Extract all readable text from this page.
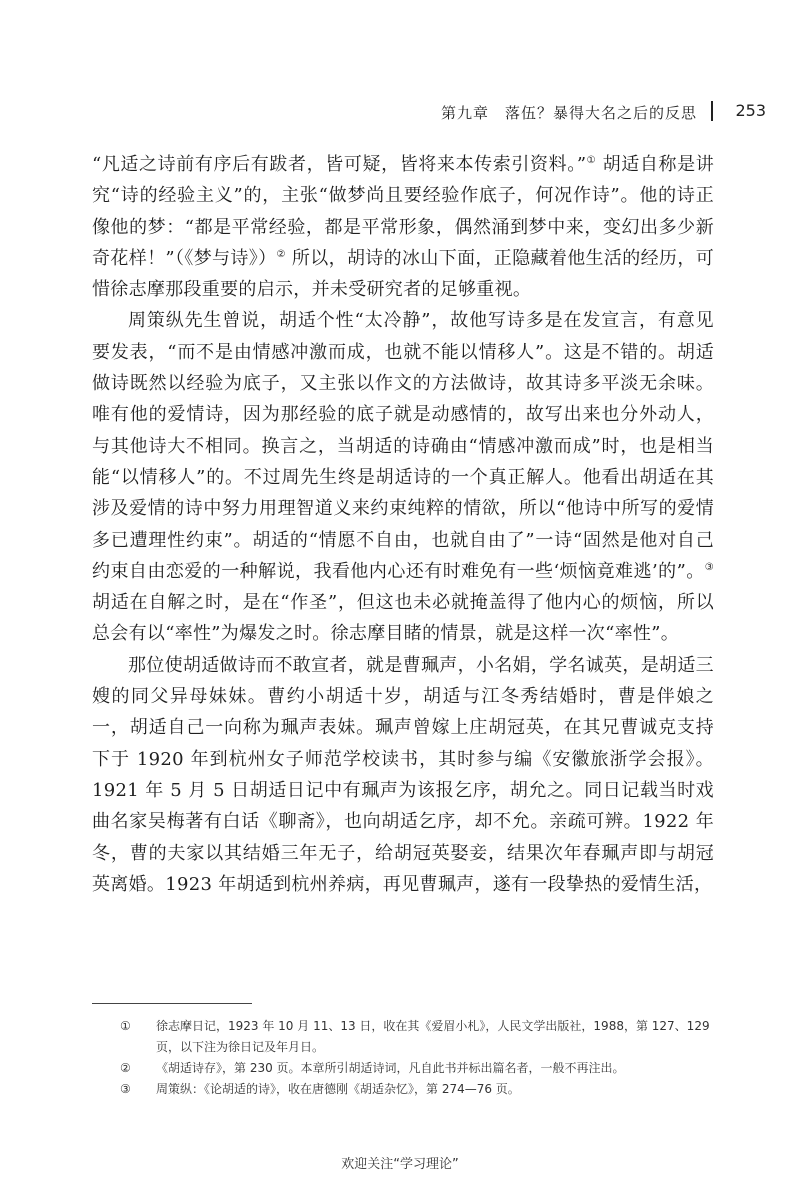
第九章　落伍？暴得大名之后的反思 253

“凡适之诗前有序后有跋者，皆可疑，皆将来本传索引资料。”① 胡适自称是讲究“诗的经验主义”的，主张“做梦尚且要经验作底子，何况作诗”。他的诗正像他的梦：“都是平常经验，都是平常形象，偶然涌到梦中来，变幻出多少新奇花样！”（《梦与诗》）② 所以，胡诗的冰山下面，正隐藏着他生活的经历，可惜徐志摩那段重要的启示，并未受研究者的足够重视。

周策纵先生曾说，胡适个性“太冷静”，故他写诗多是在发宣言，有意见要发表，“而不是由情感冲激而成，也就不能以情移人”。这是不错的。胡适做诗既然以经验为底子，又主张以作文的方法做诗，故其诗多平淡无余味。唯有他的爱情诗，因为那经验的底子就是动感情的，故写出来也分外动人，与其他诗大不相同。换言之，当胡适的诗确由“情感冲激而成”时，也是相当能“以情移人”的。不过周先生终是胡适诗的一个真正解人。他看出胡适在其涉及爱情的诗中努力用理智道义来约束纯粹的情欲，所以“他诗中所写的爱情多已遭理性约束”。胡适的“情愿不自由，也就自由了”一诗“固然是他对自己约束自由恋爱的一种解说，我看他内心还有时难免有一些‘烦恼竟难逃’的”。③ 胡适在自解之时，是在“作圣”，但这也未必就掩盖得了他内心的烦恼，所以总会有以“率性”为爆发之时。徐志摩目睹的情景，就是这样一次“率性”。

那位使胡适做诗而不敢宣者，就是曹珮声，小名娟，学名诚英，是胡适三嫂的同父异母妹妹。曹约小胡适十岁，胡适与江冬秀结婚时，曹是伴娘之一，胡适自己一向称为珮声表妹。珮声曾嫁上庄胡冠英，在其兄曹诚克支持下于 1920 年到杭州女子师范学校读书，其时参与编《安徽旅浙学会报》。1921 年 5 月 5 日胡适日记中有珮声为该报乞序，胡允之。同日记载当时戏曲名家吴梅著有白话《聊斋》，也向胡适乞序，却不允。亲疏可辨。1922 年冬，曹的夫家以其结婚三年无子，给胡冠英娶妾，结果次年春珮声即与胡冠英离婚。1923 年胡适到杭州养病，再见曹珮声，遂有一段挚热的爱情生活，

①	徐志摩日记，1923 年 10 月 11、13 日，收在其《爱眉小札》，人民文学出版社，1988，第 127、129 页，以下注为徐日记及年月日。
②	《胡适诗存》，第 230 页。本章所引胡适诗词，凡自此书并标出篇名者，一般不再注出。
③	周策纵：《论胡适的诗》，收在唐德刚《胡适杂忆》，第 274—76 页。
欢迎关注“学习理论”
